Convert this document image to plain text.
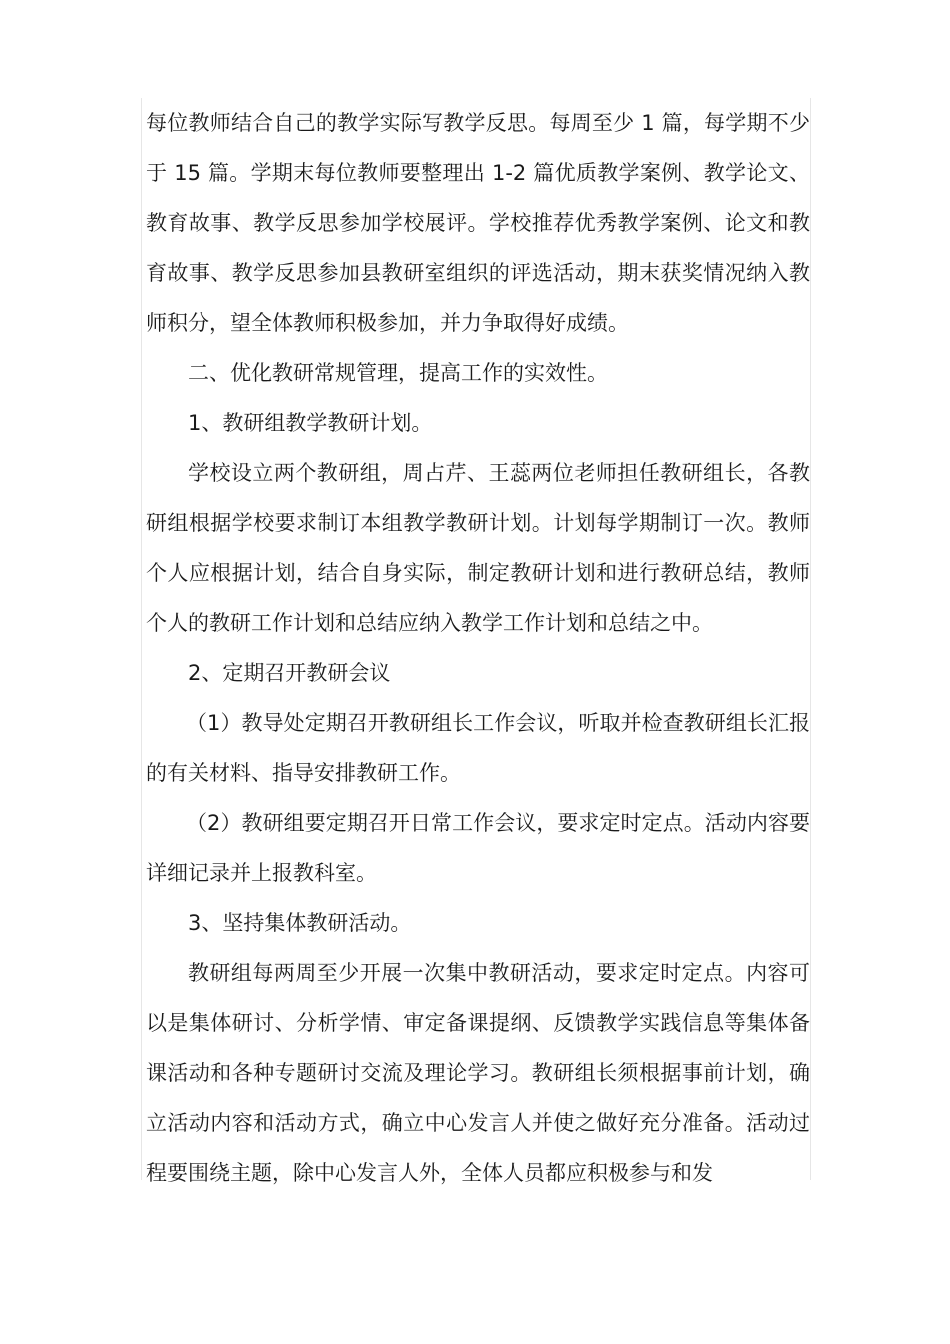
每位教师结合自己的教学实际写教学反思。每周至少 1 篇，每学期不少于 15 篇。学期末每位教师要整理出 1-2 篇优质教学案例、教学论文、教育故事、教学反思参加学校展评。学校推荐优秀教学案例、论文和教育故事、教学反思参加县教研室组织的评选活动，期末获奖情况纳入教师积分，望全体教师积极参加，并力争取得好成绩。

二、优化教研常规管理，提高工作的实效性。

1、教研组教学教研计划。

学校设立两个教研组，周占芹、王蕊两位老师担任教研组长，各教研组根据学校要求制订本组教学教研计划。计划每学期制订一次。教师个人应根据计划，结合自身实际，制定教研计划和进行教研总结，教师个人的教研工作计划和总结应纳入教学工作计划和总结之中。

2、定期召开教研会议

（1）教导处定期召开教研组长工作会议，听取并检查教研组长汇报的有关材料、指导安排教研工作。

（2）教研组要定期召开日常工作会议，要求定时定点。活动内容要详细记录并上报教科室。

3、坚持集体教研活动。

教研组每两周至少开展一次集中教研活动，要求定时定点。内容可以是集体研讨、分析学情、审定备课提纲、反馈教学实践信息等集体备课活动和各种专题研讨交流及理论学习。教研组长须根据事前计划，确立活动内容和活动方式，确立中心发言人并使之做好充分准备。活动过程要围绕主题，除中心发言人外，全体人员都应积极参与和发
